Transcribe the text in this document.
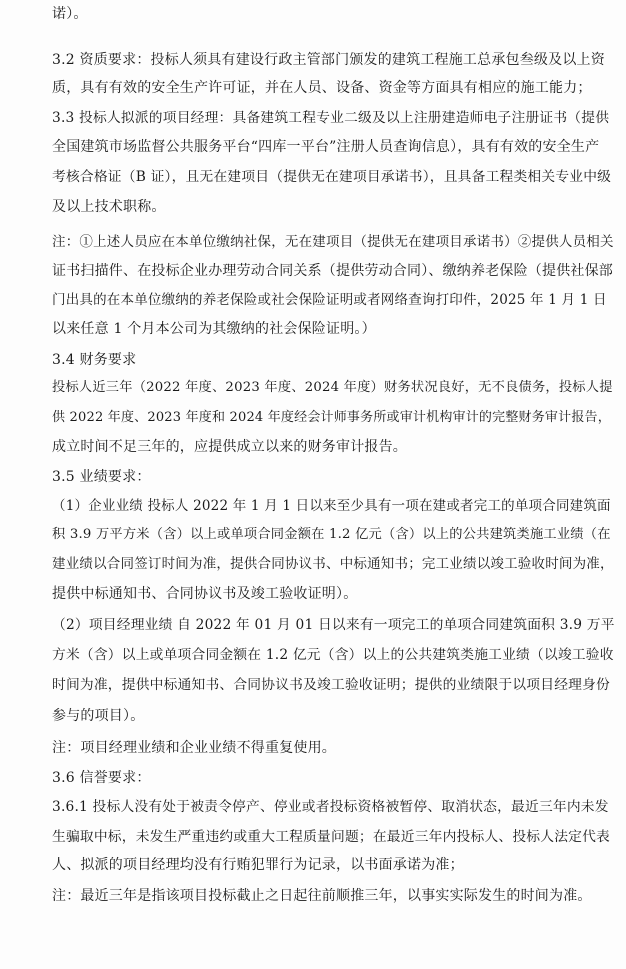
诺）。
3.2 资质要求：投标人须具有建设行政主管部门颁发的建筑工程施工总承包叁级及以上资
质，具有有效的安全生产许可证，并在人员、设备、资金等方面具有相应的施工能力；
3.3 投标人拟派的项目经理：具备建筑工程专业二级及以上注册建造师电子注册证书（提供
全国建筑市场监督公共服务平台“四库一平台”注册人员查询信息），具有有效的安全生产
考核合格证（B 证），且无在建项目（提供无在建项目承诺书），且具备工程类相关专业中级
及以上技术职称。
注：①上述人员应在本单位缴纳社保，无在建项目（提供无在建项目承诺书）②提供人员相关
证书扫描件、在投标企业办理劳动合同关系（提供劳动合同）、缴纳养老保险（提供社保部
门出具的在本单位缴纳的养老保险或社会保险证明或者网络查询打印件，2025 年 1 月 1 日
以来任意 1 个月本公司为其缴纳的社会保险证明。）
3.4 财务要求
投标人近三年（2022 年度、2023 年度、2024 年度）财务状况良好，无不良债务，投标人提
供 2022 年度、2023 年度和 2024 年度经会计师事务所或审计机构审计的完整财务审计报告，
成立时间不足三年的，应提供成立以来的财务审计报告。
3.5 业绩要求：
（1）企业业绩 投标人 2022 年 1 月 1 日以来至少具有一项在建或者完工的单项合同建筑面
积 3.9 万平方米（含）以上或单项合同金额在 1.2 亿元（含）以上的公共建筑类施工业绩（在
建业绩以合同签订时间为准，提供合同协议书、中标通知书；完工业绩以竣工验收时间为准，
提供中标通知书、合同协议书及竣工验收证明）。
（2）项目经理业绩 自 2022 年 01 月 01 日以来有一项完工的单项合同建筑面积 3.9 万平
方米（含）以上或单项合同金额在 1.2 亿元（含）以上的公共建筑类施工业绩（以竣工验收
时间为准，提供中标通知书、合同协议书及竣工验收证明；提供的业绩限于以项目经理身份
参与的项目）。
注：项目经理业绩和企业业绩不得重复使用。
3.6 信誉要求：
3.6.1 投标人没有处于被责令停产、停业或者投标资格被暂停、取消状态，最近三年内未发
生骗取中标，未发生严重违约或重大工程质量问题；在最近三年内投标人、投标人法定代表
人、拟派的项目经理均没有行贿犯罪行为记录，以书面承诺为准；
注：最近三年是指该项目投标截止之日起往前顺推三年，以事实实际发生的时间为准。
